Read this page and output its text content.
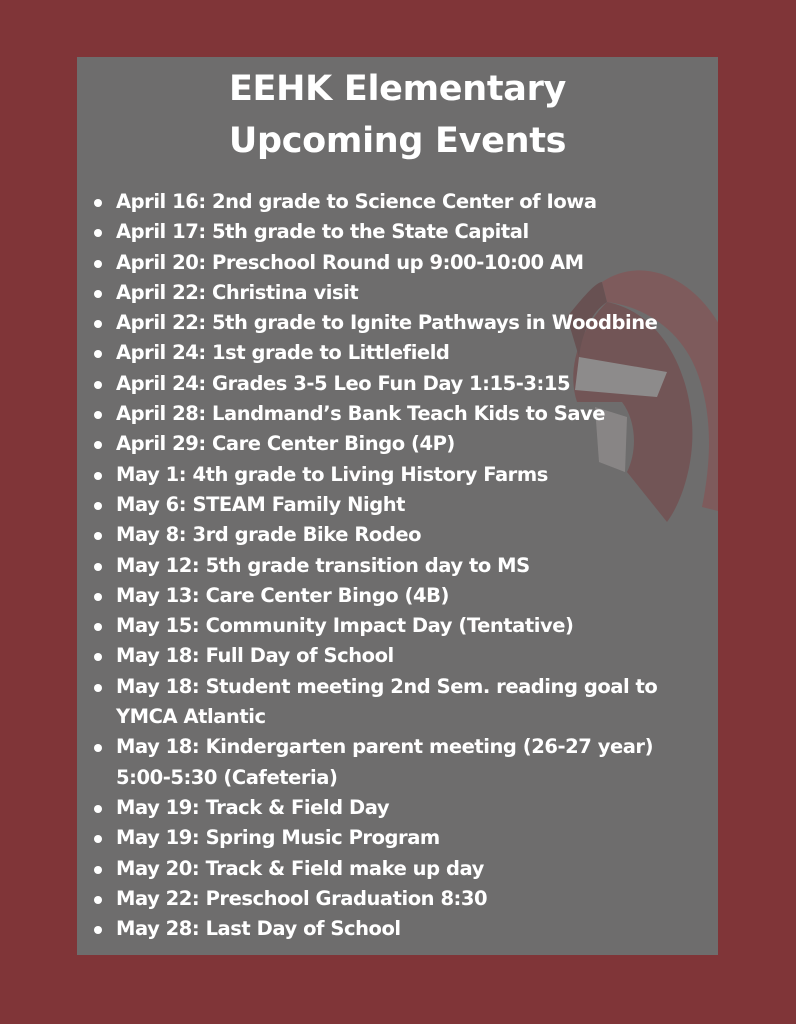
EEHK Elementary
Upcoming Events
April 16: 2nd grade to Science Center of Iowa
April 17: 5th grade to the State Capital
April 20: Preschool Round up 9:00-10:00 AM
April 22: Christina visit
April 22: 5th grade to Ignite Pathways in Woodbine
April 24: 1st grade to Littlefield
April 24: Grades 3-5 Leo Fun Day 1:15-3:15
April 28: Landmand’s Bank Teach Kids to Save
April 29: Care Center Bingo (4P)
May 1: 4th grade to Living History Farms
May 6: STEAM Family Night
May 8: 3rd grade Bike Rodeo
May 12: 5th grade transition day to MS
May 13: Care Center Bingo (4B)
May 15: Community Impact Day (Tentative)
May 18: Full Day of School
May 18: Student meeting 2nd Sem. reading goal to YMCA Atlantic
May 18: Kindergarten parent meeting (26-27 year) 5:00-5:30 (Cafeteria)
May 19: Track & Field Day
May 19: Spring Music Program
May 20: Track & Field make up day
May 22: Preschool Graduation 8:30
May 28: Last Day of School
